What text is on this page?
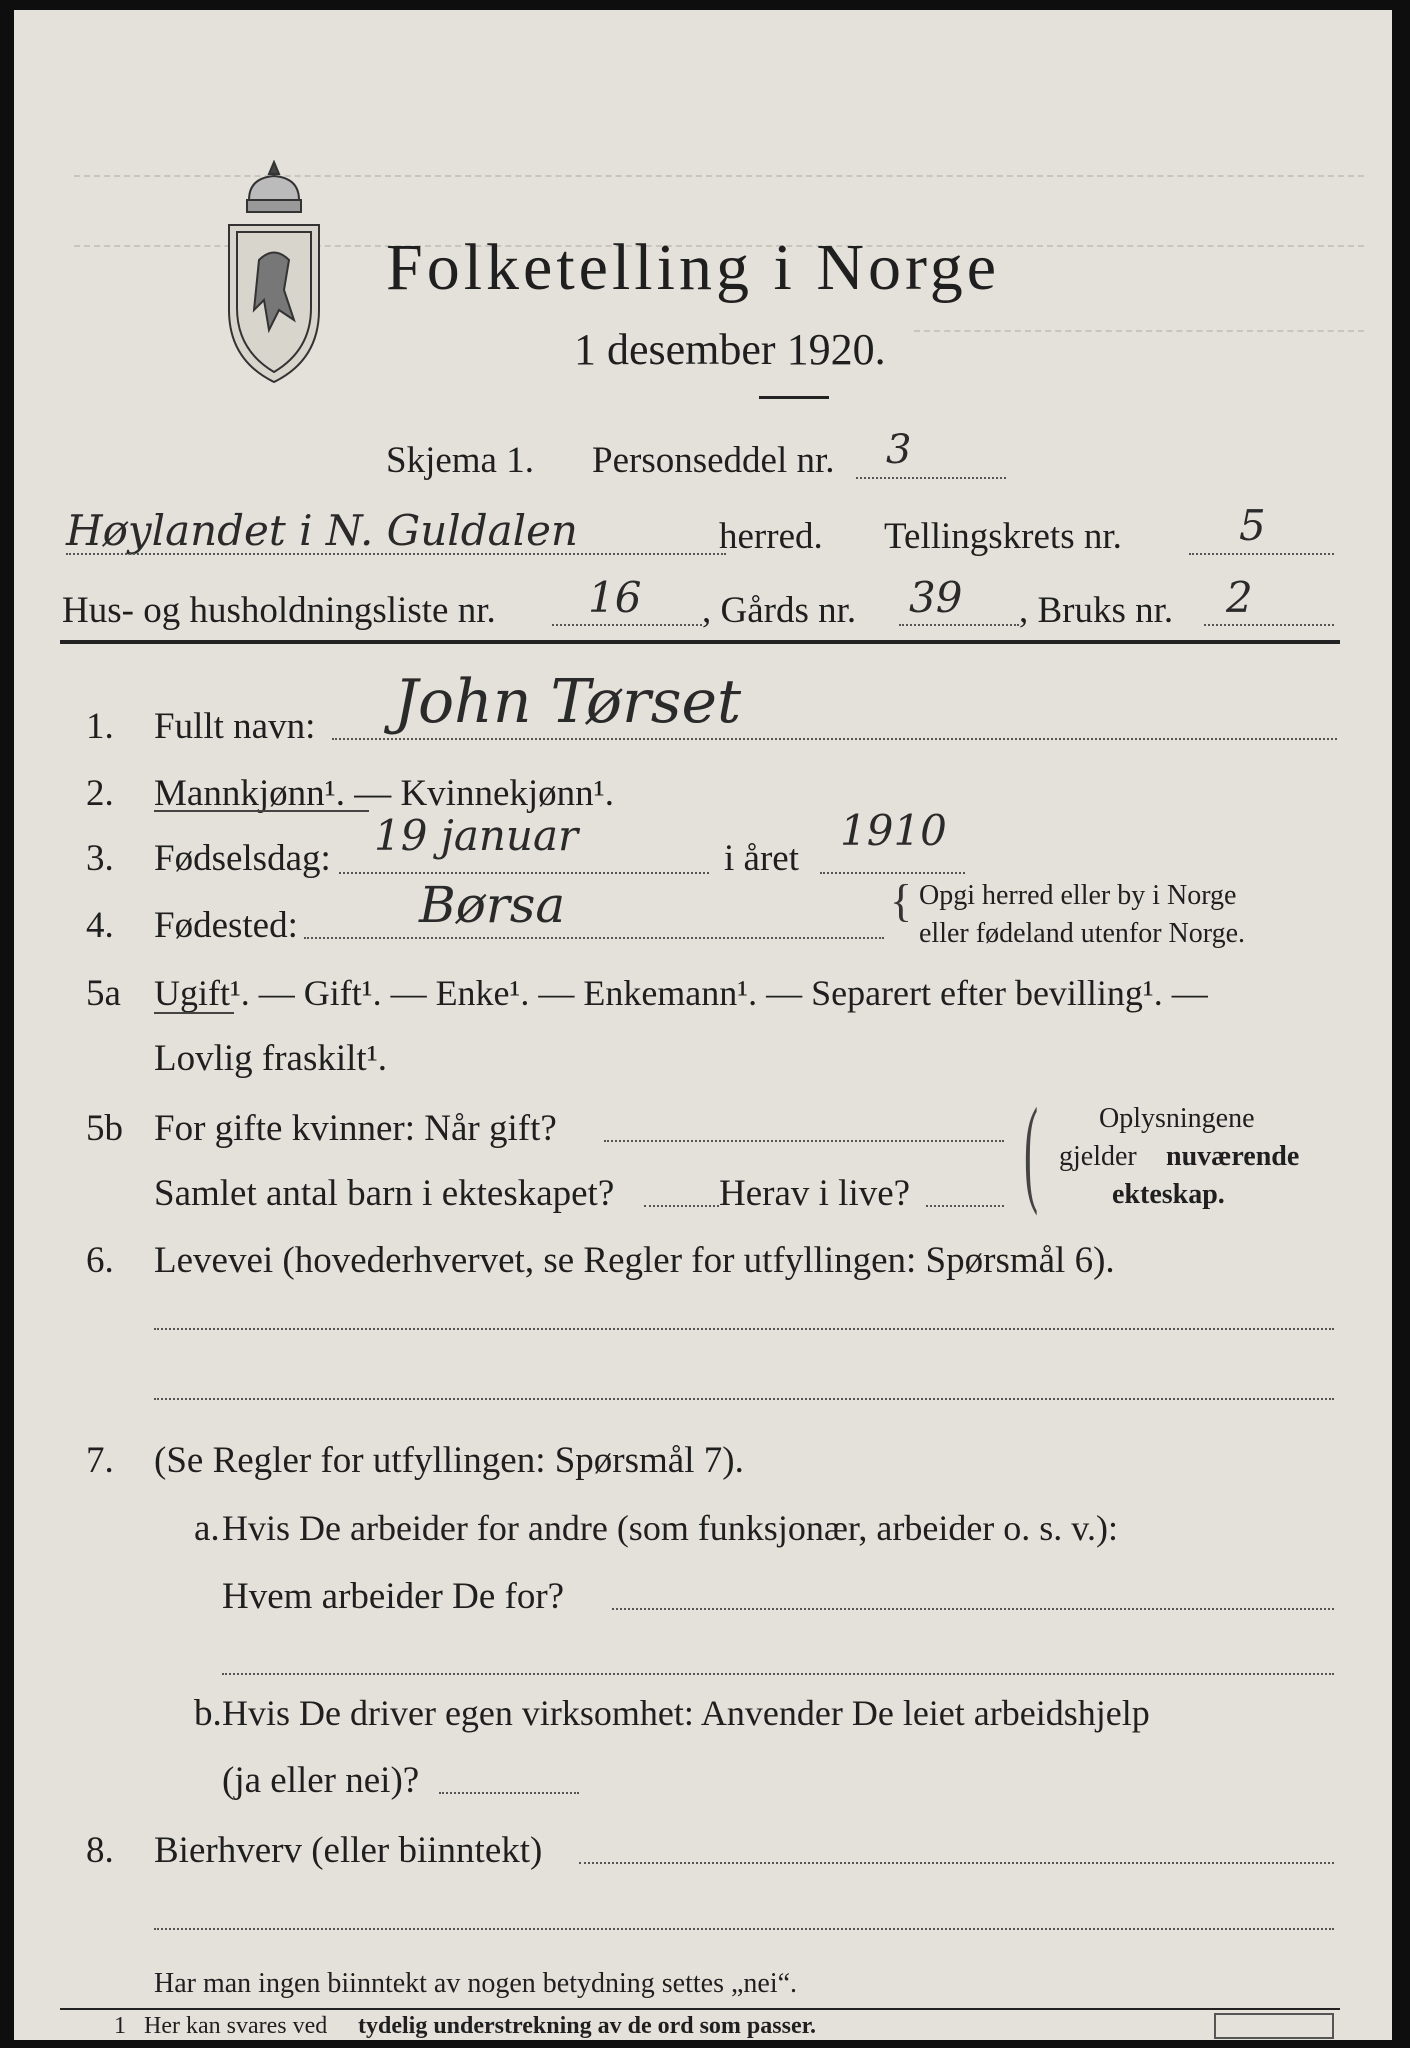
Folketelling i Norge
1 desember 1920.
Skjema 1. Personseddel nr. 3
Høylandet i N. Guldalen	herred. Tellingskrets nr.	5
Hus- og husholdningsliste nr. 16 , Gårds nr. 39 , Bruks nr. 2
1. Fullt navn: John Tørset
2. Mannkjønn¹. — Kvinnekjønn¹.
3. Fødselsdag: 19 januar	i året
1910
4. Fødested: Børsa	{ Opgi herred eller by i Norge
eller fødeland utenfor Norge.
5a Ugift¹. — Gift¹. — Enke¹. — Enkemann¹. — Separert efter bevilling¹. —
Lovlig fraskilt¹.
5b For gifte kvinner: Når gift?
Samlet antal barn i ekteskapet?	Herav i live? ( Oplysningene
gjelder nuværende
ekteskap.
6. Levevei (hovederhvervet, se Regler for utfyllingen: Spørsmål 6).
7. (Se Regler for utfyllingen: Spørsmål 7).
a. Hvis De arbeider for andre (som funksjonær, arbeider o. s. v.):
Hvem arbeider De for?
b. Hvis De driver egen virksomhet: Anvender De leiet arbeidshjelp
(ja eller nei)?
8. Bierhverv (eller biinntekt)
Har man ingen biinntekt av nogen betydning settes „nei“.
1 Her kan svares ved tydelig understrekning av de ord som passer.
